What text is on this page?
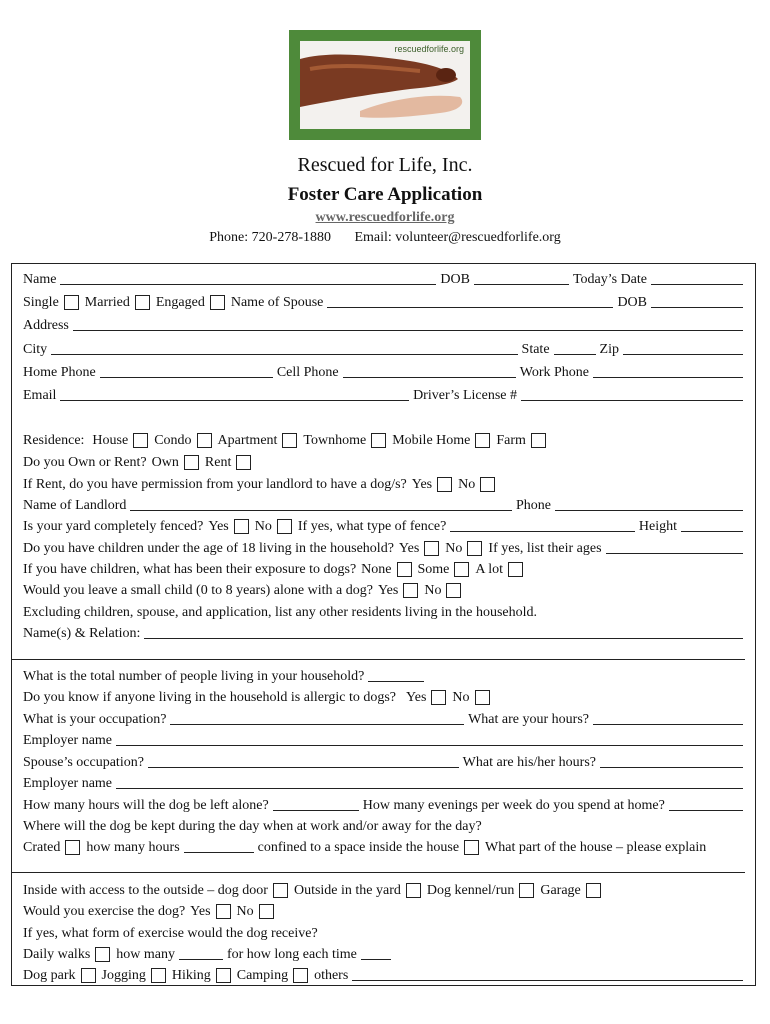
rescuedforlife.org
Rescued for Life, Inc.
Foster Care Application
www.rescuedforlife.org
Phone: 720-278-1880 Email: volunteer@rescuedforlife.org
Name	DOB	Today’s Date
Single Married Engaged Name of Spouse	DOB
Address
City	State	Zip
Home Phone	Cell Phone	Work Phone
Email	Driver’s License #
Residence: House Condo Apartment Townhome Mobile Home Farm
Do you Own or Rent? Own Rent
If Rent, do you have permission from your landlord to have a dog/s? Yes No
Name of Landlord	Phone
Is your yard completely fenced? Yes No If yes, what type of fence?	Height
Do you have children under the age of 18 living in the household? Yes No If yes, list their ages
If you have children, what has been their exposure to dogs? None Some A lot
Would you leave a small child (0 to 8 years) alone with a dog? Yes No
Excluding children, spouse, and application, list any other residents living in the household.
Name(s) & Relation:
What is the total number of people living in your household?
Do you know if anyone living in the household is allergic to dogs? Yes No
What is your occupation?	What are your hours?
Employer name
Spouse’s occupation?	What are his/her hours?
Employer name
How many hours will the dog be left alone?	How many evenings per week do you spend at home?
Where will the dog be kept during the day when at work and/or away for the day?
Crated how many hours	confined to a space inside the house What part of the house – please explain
Inside with access to the outside – dog door Outside in the yard Dog kennel/run Garage
Would you exercise the dog? Yes No
If yes, what form of exercise would the dog receive?
Daily walks how many	for how long each time
Dog park Jogging Hiking Camping others
